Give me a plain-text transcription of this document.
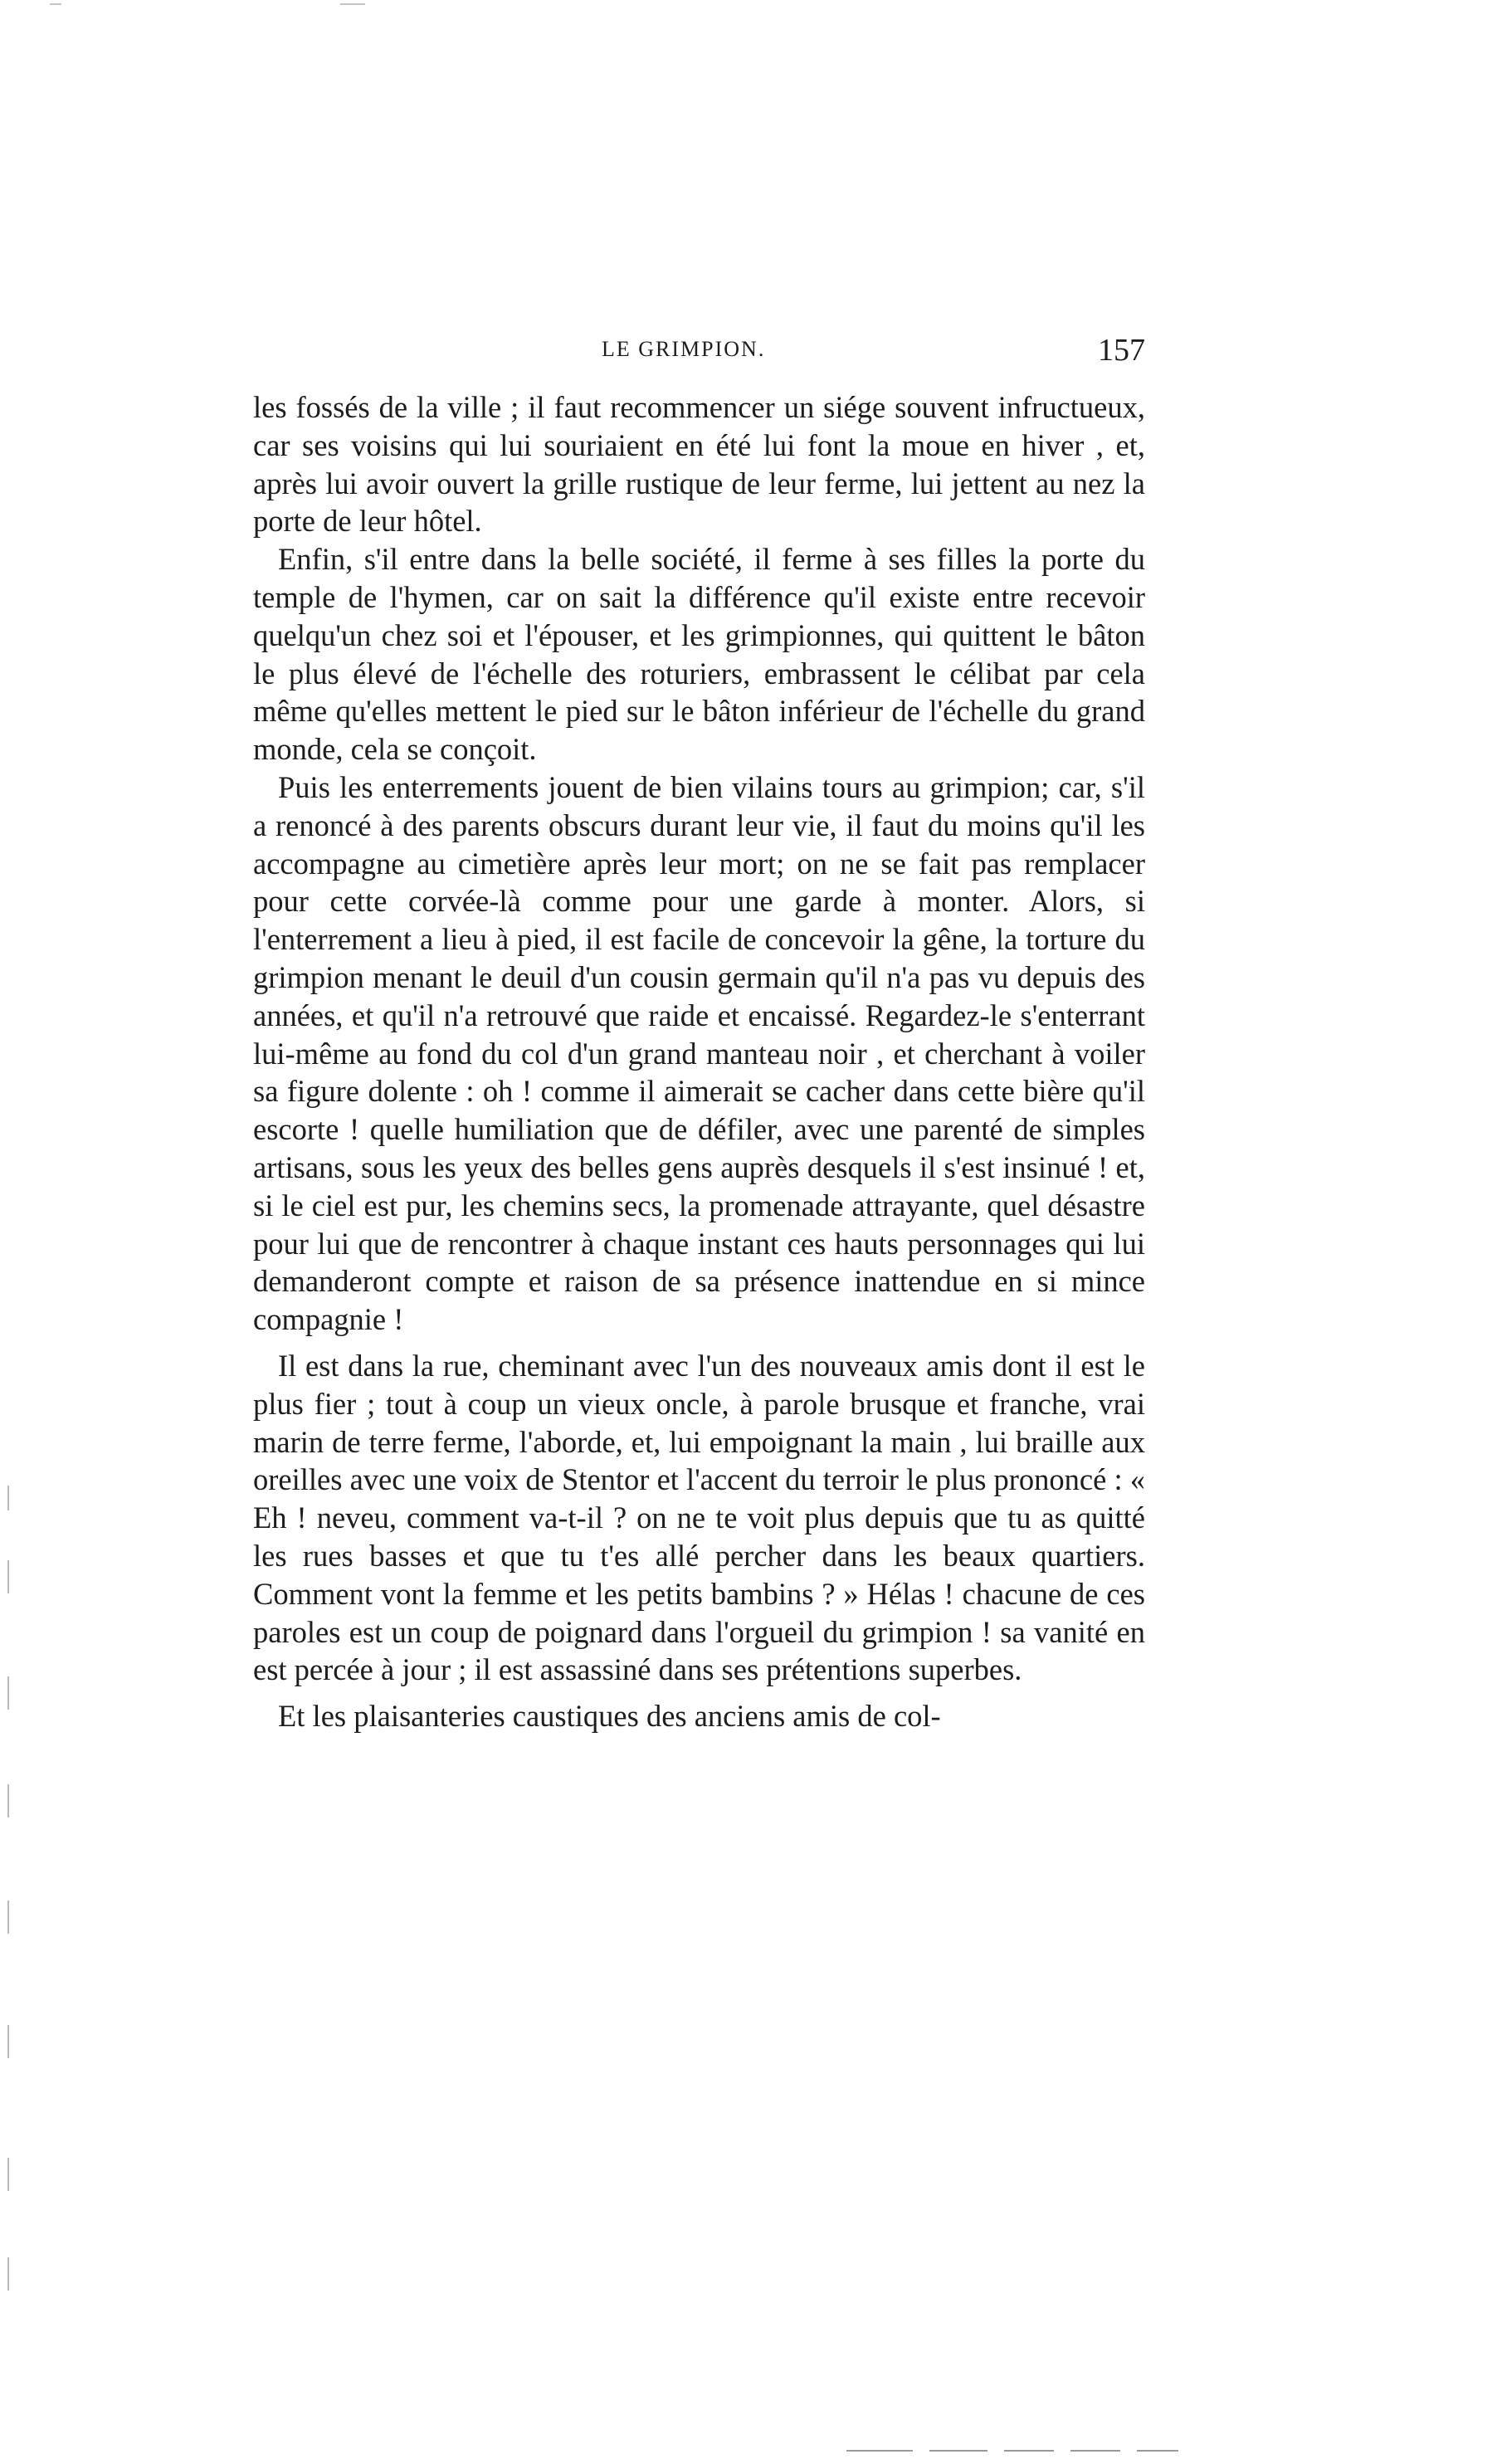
LE GRIMPION.	157

les fossés de la ville ; il faut recommencer un siége souvent infructueux, car ses voisins qui lui souriaient en été lui font la moue en hiver , et, après lui avoir ouvert la grille rustique de leur ferme, lui jettent au nez la porte de leur hôtel.

Enfin, s'il entre dans la belle société, il ferme à ses filles la porte du temple de l'hymen, car on sait la différence qu'il existe entre recevoir quelqu'un chez soi et l'épouser, et les grimpionnes, qui quittent le bâton le plus élevé de l'échelle des roturiers, embrassent le célibat par cela même qu'elles mettent le pied sur le bâton inférieur de l'échelle du grand monde, cela se conçoit.

Puis les enterrements jouent de bien vilains tours au grimpion; car, s'il a renoncé à des parents obscurs durant leur vie, il faut du moins qu'il les accompagne au cimetière après leur mort; on ne se fait pas remplacer pour cette corvée-là comme pour une garde à monter. Alors, si l'enterrement a lieu à pied, il est facile de concevoir la gêne, la torture du grimpion menant le deuil d'un cousin germain qu'il n'a pas vu depuis des années, et qu'il n'a retrouvé que raide et encaissé. Regardez-le s'enterrant lui-même au fond du col d'un grand manteau noir , et cherchant à voiler sa figure dolente : oh ! comme il aimerait se cacher dans cette bière qu'il escorte ! quelle humiliation que de défiler, avec une parenté de simples artisans, sous les yeux des belles gens auprès desquels il s'est insinué ! et, si le ciel est pur, les chemins secs, la promenade attrayante, quel désastre pour lui que de rencontrer à chaque instant ces hauts personnages qui lui demanderont compte et raison de sa présence inattendue en si mince compagnie !

Il est dans la rue, cheminant avec l'un des nouveaux amis dont il est le plus fier ; tout à coup un vieux oncle, à parole brusque et franche, vrai marin de terre ferme, l'aborde, et, lui empoignant la main , lui braille aux oreilles avec une voix de Stentor et l'accent du terroir le plus prononcé : « Eh ! neveu, comment va-t-il ? on ne te voit plus depuis que tu as quitté les rues basses et que tu t'es allé percher dans les beaux quartiers. Comment vont la femme et les petits bambins ? » Hélas ! chacune de ces paroles est un coup de poignard dans l'orgueil du grimpion ! sa vanité en est percée à jour ; il est assassiné dans ses prétentions superbes.

Et les plaisanteries caustiques des anciens amis de col-
